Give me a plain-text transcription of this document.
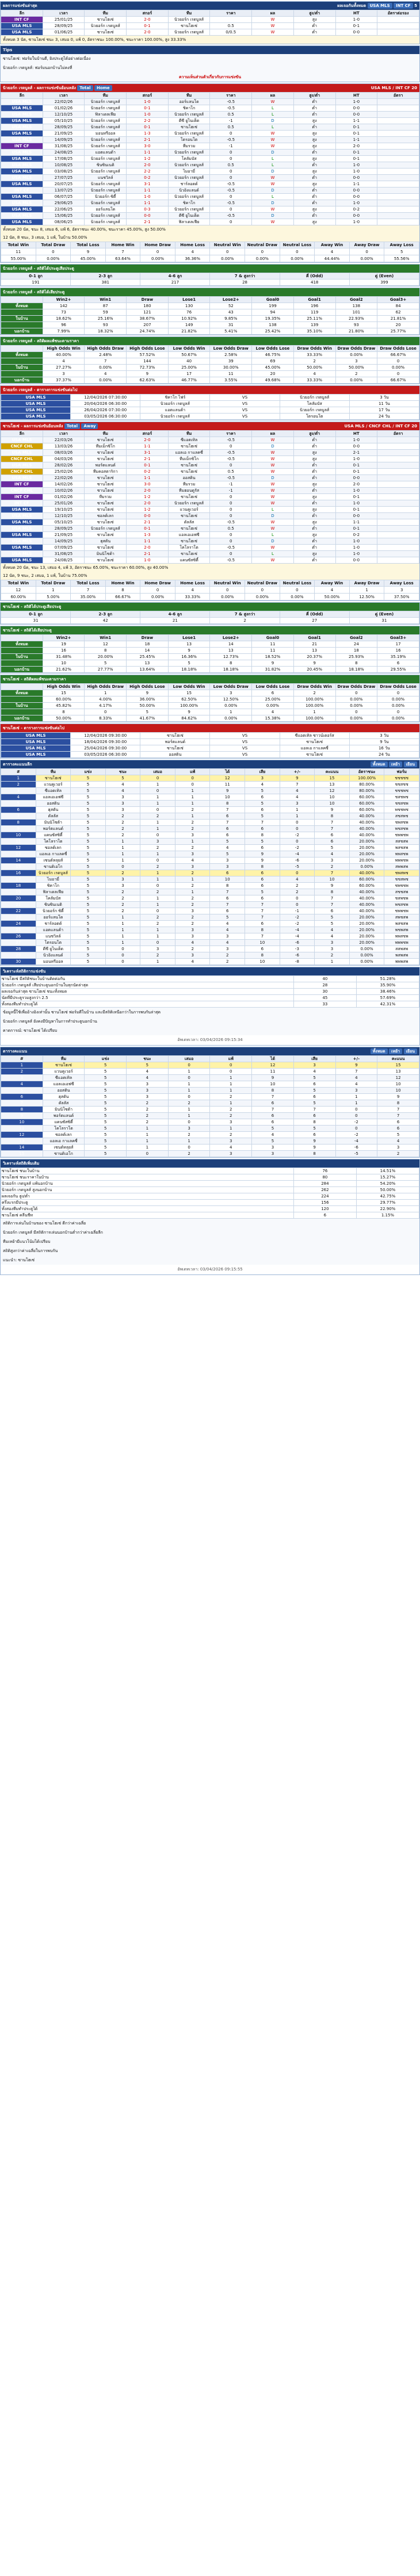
ผลการแข่งขันล่าสุด	ผลเจอกันทั้งหมด USA MLS INT CF 5
ลีก	เวลา	ทีม	สกอร์	ทีม	ราคา	ผล	สูง/ต่ำ	HT	อัตราต่อรอง
INT CF	25/01/25	ซานโฮเซ่	2-0	นิวยอร์ก เรดบูลส์		W	สูง	1-0	
USA MLS	28/09/25	นิวยอร์ก เรดบูลส์	0-1	ซานโฮเซ่	0.5	W	ต่ำ	0-1	
USA MLS	01/06/25	ซานโฮเซ่	2-0	นิวยอร์ก เรดบูลส์	0/0.5	W	ต่ำ	0-0	
ทั้งหมด 3 นัด, ซานโฮเซ่ ชนะ 3, เสมอ 0, แพ้ 0, อัตราชนะ 100.00%, ชนะราคา 100.00%, สูง 33.33%
Tips
ซานโฮเซ่: ฟอร์มในบ้านดี, ยิงประตูได้อย่างต่อเนื่อง
นิวยอร์ก เรดบูลส์: ฟอร์มนอกบ้านไม่คงที่
ความเห็นส่วนตัวเกี่ยวกับการแข่งขัน
นิวยอร์ก เรดบูลส์ - ผลการแข่งขันย้อนหลัง Total Home	USA MLS / INT CF 20
ลีก	เวลา	ทีม	สกอร์	ทีม	ราคา	ผล	สูง/ต่ำ	HT	อัตรา
USA MLS	22/02/26	นิวยอร์ก เรดบูลส์	1-0	ออร์แลนโด	-0.5	W	ต่ำ	1-0	
USA MLS	01/02/26	นิวยอร์ก เรดบูลส์	0-1	ชิคาโก	-0.5	L	ต่ำ	0-0	
USA MLS	12/10/25	ฟิลาเดลเฟีย	1-0	นิวยอร์ก เรดบูลส์	0.5	L	ต่ำ	0-0	
USA MLS	05/10/25	นิวยอร์ก เรดบูลส์	2-2	ดีซี ยูไนเต็ด	-1	D	สูง	1-1	
USA MLS	28/09/25	นิวยอร์ก เรดบูลส์	0-1	ซานโฮเซ่	0.5	L	ต่ำ	0-1	
USA MLS	21/09/25	มอนทรีออล	1-3	นิวยอร์ก เรดบูลส์	0	W	สูง	0-1	
USA MLS	14/09/25	นิวยอร์ก เรดบูลส์	2-1	โตรอนโต	-0.5	W	สูง	1-1	
INT CF	31/08/25	นิวยอร์ก เรดบูลส์	3-0	ทีมรวม	-1	W	สูง	2-0	
USA MLS	24/08/25	แอตแลนต้า	1-1	นิวยอร์ก เรดบูลส์	0	D	ต่ำ	0-1	
USA MLS	17/08/25	นิวยอร์ก เรดบูลส์	1-2	โคลัมบัส	0	L	สูง	0-1	
USA MLS	10/08/25	ซินซินเนติ	2-0	นิวยอร์ก เรดบูลส์	0.5	L	ต่ำ	1-0	
USA MLS	03/08/25	นิวยอร์ก เรดบูลส์	2-2	ไมอามี่	0	D	สูง	1-0	
USA MLS	27/07/25	แนชวิลล์	0-2	นิวยอร์ก เรดบูลส์	0	W	ต่ำ	0-0	
USA MLS	20/07/25	นิวยอร์ก เรดบูลส์	3-1	ชาร์ลอตต์	-0.5	W	สูง	1-1	
INT CF	13/07/25	นิวยอร์ก เรดบูลส์	1-1	นิวอิงแลนด์	-0.5	D	ต่ำ	0-0	
USA MLS	06/07/25	นิวยอร์ก ซิตี้	1-0	นิวยอร์ก เรดบูลส์	0	L	ต่ำ	0-0	
USA MLS	29/06/25	นิวยอร์ก เรดบูลส์	1-1	ชิคาโก	-0.5	D	ต่ำ	1-0	
USA MLS	22/06/25	ออร์แลนโด	0-3	นิวยอร์ก เรดบูลส์	0	W	สูง	0-2	
USA MLS	15/06/25	นิวยอร์ก เรดบูลส์	0-0	ดีซี ยูไนเต็ด	-0.5	D	ต่ำ	0-0	
USA MLS	08/06/25	นิวยอร์ก เรดบูลส์	2-1	ฟิลาเดลเฟีย	0	W	สูง	1-0	
ทั้งหมด 20 นัด, ชนะ 8, เสมอ 6, แพ้ 6, อัตราชนะ 40.00%, ชนะราคา 45.00%, สูง 50.00%
12 นัด, 8 ชนะ, 3 เสมอ, 1 แพ้, ในบ้าน 50.00%
Total Win	Total Draw	Total Loss	Home Win	Home Draw	Home Loss	Neutral Win	Neutral Draw	Neutral Loss	Away Win	Away Draw	Away Loss
11	0	9	7	0	4	0	0	0	4	0	5
55.00%	0.00%	45.00%	63.64%	0.00%	36.36%	0.00%	0.00%	0.00%	44.44%	0.00%	55.56%
นิวยอร์ก เรดบูลส์ - สถิติได้ประตูเสียประตู
0-1 ลูก	2-3 ลูก	4-6 ลูก	7 & สูงกว่า	คี่ (Odd)	คู่ (Even)
191	381	217	28	418	399
นิวยอร์ก เรดบูลส์ - สถิติได้เสียประตู
	Win2+	Win1	Draw	Lose1	Lose2+	Goal0	Goal1	Goal2	Goal3+
ทั้งหมด	142	87	180	130	52	199	196	138	84
	73	59	121	76	43	94	119	101	62
ในบ้าน	18.62%	25.16%	38.67%	10.92%	9.85%	19.35%	25.11%	22.93%	21.81%
	96	93	207	149	31	138	139	93	20
นอกบ้าน	7.99%	18.32%	24.74%	21.82%	5.41%	25.42%	35.10%	21.80%	25.77%
นิวยอร์ก เรดบูลส์ - สถิติผลแพ้ชนะตามราคา
	High Odds Win	High Odds Draw	High Odds Lose	Low Odds Win	Low Odds Draw	Low Odds Lose	Draw Odds Win	Draw Odds Draw	Draw Odds Lose
ทั้งหมด	40.00%	2.48%	57.52%	50.67%	2.58%	46.75%	33.33%	0.00%	66.67%
	4	7	144	40	39	69	2	3	0
ในบ้าน	27.27%	0.00%	72.73%	25.00%	30.00%	45.00%	50.00%	50.00%	0.00%
	3	4	9	17	11	20	4	2	0
นอกบ้าน	37.37%	0.00%	62.63%	46.77%	3.55%	49.68%	33.33%	0.00%	66.67%
นิวยอร์ก เรดบูลส์ - ตารางการแข่งขันต่อไป
USA MLS	12/04/2026 07:30:00	ชิคาโก ไฟร์	VS	นิวยอร์ก เรดบูลส์	3 วัน
USA MLS	20/04/2026 06:30:00	นิวยอร์ก เรดบูลส์	VS	โคลัมบัส	11 วัน
USA MLS	26/04/2026 07:30:00	แอตแลนต้า	VS	นิวยอร์ก เรดบูลส์	17 วัน
USA MLS	03/05/2026 06:30:00	นิวยอร์ก เรดบูลส์	VS	โตรอนโต	24 วัน
ซานโฮเซ่ - ผลการแข่งขันย้อนหลัง Total Away	USA MLS / CNCF CHL / INT CF 20
ลีก	เวลา	ทีม	สกอร์	ทีม	ราคา	ผล	สูง/ต่ำ	HT	อัตรา
USA MLS	22/03/26	ซานโฮเซ่	2-0	ซีแอตเทิล	-0.5	W	ต่ำ	1-0	
CNCF CHL	13/03/26	ทีมเม็กซิโก	1-1	ซานโฮเซ่	0	D	ต่ำ	0-0	
USA MLS	08/03/26	ซานโฮเซ่	3-1	แอลเอ กาแลคซี่	-0.5	W	สูง	2-1	
CNCF CHL	04/03/26	ซานโฮเซ่	2-1	ทีมเม็กซิโก	-0.5	W	สูง	1-0	
USA MLS	28/02/26	พอร์ตแลนด์	0-1	ซานโฮเซ่	0	W	ต่ำ	0-1	
CNCF CHL	25/02/26	ทีมคอสตาริกา	0-2	ซานโฮเซ่	0.5	W	ต่ำ	0-1	
USA MLS	22/02/26	ซานโฮเซ่	1-1	ออสติน	-0.5	D	ต่ำ	0-0	
INT CF	14/02/26	ซานโฮเซ่	3-0	ทีมรวม	-1	W	สูง	2-0	
CNCF CHL	10/02/26	ซานโฮเซ่	2-0	ทีมฮอนดูรัส	-1	W	ต่ำ	1-0	
INT CF	01/02/26	ทีมรวม	1-2	ซานโฮเซ่	0	W	สูง	0-1	
INT CF	25/01/26	ซานโฮเซ่	2-0	นิวยอร์ก เรดบูลส์	0	W	ต่ำ	1-0	
USA MLS	19/10/25	ซานโฮเซ่	1-2	แวนคูเวอร์	0	L	สูง	0-1	
USA MLS	12/10/25	ซอลต์เลก	0-0	ซานโฮเซ่	0	D	ต่ำ	0-0	
USA MLS	05/10/25	ซานโฮเซ่	2-1	ดัลลัส	-0.5	W	สูง	1-1	
USA MLS	28/09/25	นิวยอร์ก เรดบูลส์	0-1	ซานโฮเซ่	0.5	W	ต่ำ	0-1	
USA MLS	21/09/25	ซานโฮเซ่	1-3	แอลเอเอฟซี	0	L	สูง	0-2	
USA MLS	14/09/25	ฮุสตัน	1-1	ซานโฮเซ่	0	D	ต่ำ	1-0	
USA MLS	07/09/25	ซานโฮเซ่	2-0	โคโลราโด	-0.5	W	ต่ำ	1-0	
USA MLS	31/08/25	มินนิโซต้า	2-1	ซานโฮเซ่	0	L	สูง	1-0	
USA MLS	24/08/25	ซานโฮเซ่	1-0	แคนซัสซิตี้	-0.5	W	ต่ำ	0-0	
ทั้งหมด 20 นัด, ชนะ 13, เสมอ 4, แพ้ 3, อัตราชนะ 65.00%, ชนะราคา 60.00%, สูง 40.00%
12 นัด, 9 ชนะ, 2 เสมอ, 1 แพ้, ในบ้าน 75.00%
Total Win	Total Draw	Total Loss	Home Win	Home Draw	Home Loss	Neutral Win	Neutral Draw	Neutral Loss	Away Win	Away Draw	Away Loss
12	1	7	8	0	4	0	0	0	4	1	3
60.00%	5.00%	35.00%	66.67%	0.00%	33.33%	0.00%	0.00%	0.00%	50.00%	12.50%	37.50%
ซานโฮเซ่ - สถิติได้ประตูเสียประตู
0-1 ลูก	2-3 ลูก	4-6 ลูก	7 & สูงกว่า	คี่ (Odd)	คู่ (Even)
31	42	21	2	27	31
ซานโฮเซ่ - สถิติได้เสียประตู
	Win2+	Win1	Draw	Lose1	Lose2+	Goal0	Goal1	Goal2	Goal3+
ทั้งหมด	19	12	18	13	14	11	21	24	17
	16	8	14	9	13	11	13	18	16
ในบ้าน	31.48%	20.00%	25.45%	16.36%	12.73%	18.52%	20.37%	25.93%	35.19%
	10	5	13	5	8	9	9	8	6
นอกบ้าน	21.62%	27.77%	13.64%	18.18%	18.18%	31.82%	20.45%	18.18%	29.55%
ซานโฮเซ่ - สถิติผลแพ้ชนะตามราคา
	High Odds Win	High Odds Draw	High Odds Lose	Low Odds Win	Low Odds Draw	Low Odds Lose	Draw Odds Win	Draw Odds Draw	Draw Odds Lose
ทั้งหมด	15	1	9	15	3	6	2	0	0
	60.00%	4.00%	36.00%	62.50%	12.50%	25.00%	100.00%	0.00%	0.00%
ในบ้าน	45.82%	4.17%	50.00%	100.00%	0.00%	0.00%	100.00%	0.00%	0.00%
	8	0	5	9	1	4	1	0	0
นอกบ้าน	50.00%	8.33%	41.67%	84.62%	0.00%	15.38%	100.00%	0.00%	0.00%
ซานโฮเซ่ - ตารางการแข่งขันต่อไป
USA MLS	12/04/2026 09:30:00	ซานโฮเซ่	VS	ซีแอตเทิล ซาวน์เดอร์ส	3 วัน
USA MLS	18/04/2026 09:30:00	พอร์ตแลนด์	VS	ซานโฮเซ่	9 วัน
USA MLS	25/04/2026 09:30:00	ซานโฮเซ่	VS	แอลเอ กาแลคซี่	16 วัน
USA MLS	03/05/2026 06:30:00	ออสติน	VS	ซานโฮเซ่	24 วัน
ตารางคะแนนลีก	ทั้งหมด เหย้า เยือน
#	ทีม	แข่ง	ชนะ	เสมอ	แพ้	ได้	เสีย	+/-	คะแนน	อัตราชนะ	ฟอร์ม
1	ซานโฮเซ่	5	5	0	0	12	3	9	15	100.00%	ชชชชช
2	แวนคูเวอร์	5	4	1	0	11	4	7	13	80.00%	ชชสชช
3	ซีแอตเทิล	5	4	0	1	9	5	4	12	80.00%	ชชชพช
4	แอลเอเอฟซี	5	3	1	1	10	6	4	10	60.00%	ชสชพช
5	ออสติน	5	3	1	1	8	5	3	10	60.00%	ชชสชพ
6	ฮุสตัน	5	3	0	2	7	6	1	9	60.00%	พชชพช
7	ดัลลัส	5	2	2	1	6	5	1	8	40.00%	สชสพช
8	มินนิโซต้า	5	2	1	2	7	7	0	7	40.00%	ชพสชพ
9	พอร์ตแลนด์	5	2	1	2	6	6	0	7	40.00%	พชสชพ
10	แคนซัสซิตี้	5	2	0	3	6	8	-2	6	40.00%	ชพพชพ
11	โคโลราโด	5	1	3	1	5	5	0	6	20.00%	สสชสพ
12	ซอลต์เลก	5	1	2	2	4	6	-2	5	20.00%	พสชสพ
13	แอลเอ กาแลคซี่	5	1	1	3	5	9	-4	4	20.00%	พพสชพ
14	เซนต์หลุยส์	5	1	0	4	3	9	-6	3	20.00%	พพพชพ
15	ซานดิเอโก	5	0	2	3	3	8	-5	2	0.00%	สพพสพ
16	นิวยอร์ก เรดบูลส์	5	2	1	2	6	6	0	7	40.00%	ชพสพช
17	ไมอามี่	5	3	1	1	10	6	4	10	60.00%	ชชสพช
18	ชิคาโก	5	3	0	2	8	6	2	9	60.00%	ชพชชพ
19	ฟิลาเดลเฟีย	5	2	2	1	7	5	2	8	40.00%	สชชสพ
20	โคลัมบัส	5	2	1	2	6	6	0	7	40.00%	ชสพชพ
21	ซินซินเนติ	5	2	1	2	7	7	0	7	40.00%	พชสชพ
22	นิวยอร์ก ซิตี้	5	2	0	3	6	7	-1	6	40.00%	ชพพชพ
23	ออร์แลนโด	5	1	2	2	5	7	-2	5	20.00%	สพชสพ
24	ชาร์ลอตต์	5	1	2	2	4	6	-2	5	20.00%	พสชสพ
25	แอตแลนต้า	5	1	1	3	4	8	-4	4	20.00%	พชพสพ
26	แนชวิลล์	5	1	1	3	3	7	-4	4	20.00%	พพสชพ
27	โตรอนโต	5	1	0	4	4	10	-6	3	20.00%	พพพชพ
28	ดีซี ยูไนเต็ด	5	0	3	2	3	6	-3	3	0.00%	สสพสพ
29	นิวอิงแลนด์	5	0	2	3	2	8	-6	2	0.00%	พสพสพ
30	มอนทรีออล	5	0	1	4	2	10	-8	1	0.00%	พพพสพ
วิเคราะห์สถิติการแข่งขัน
ซานโฮเซ่ มีสถิติชนะในบ้านติดต่อกัน	40	51.28%
นิวยอร์ก เรดบูลส์ เสียประตูนอกบ้านในทุกนัดล่าสุด	28	35.90%
ผลเจอกันล่าสุด ซานโฮเซ่ ชนะทั้งหมด	30	38.46%
นัดที่มีประตูรวมสูงกว่า 2.5	45	57.69%
ทั้งสองทีมทำประตูได้	33	42.31%
ข้อมูลนี้ใช้เพื่ออ้างอิงเท่านั้น ซานโฮเซ่ ฟอร์มดีในบ้าน และมีสถิติเหนือกว่าในการพบกันล่าสุด
นิวยอร์ก เรดบูลส์ ยังคงมีปัญหาในการทำประตูนอกบ้าน
คาดการณ์: ซานโฮเซ่ ได้เปรียบ
อัพเดทเวลา: 03/04/2026 09:15:34
ตารางคะแนน	ทั้งหมด เหย้า เยือน
#	ทีม	แข่ง	ชนะ	เสมอ	แพ้	ได้	เสีย	+/-	คะแนน
1	ซานโฮเซ่	5	5	0	0	12	3	9	15
2	แวนคูเวอร์	5	4	1	0	11	4	7	13
3	ซีแอตเทิล	5	4	0	1	9	5	4	12
4	แอลเอเอฟซี	5	3	1	1	10	6	4	10
5	ออสติน	5	3	1	1	8	5	3	10
6	ฮุสตัน	5	3	0	2	7	6	1	9
7	ดัลลัส	5	2	2	1	6	5	1	8
8	มินนิโซต้า	5	2	1	2	7	7	0	7
9	พอร์ตแลนด์	5	2	1	2	6	6	0	7
10	แคนซัสซิตี้	5	2	0	3	6	8	-2	6
11	โคโลราโด	5	1	3	1	5	5	0	6
12	ซอลต์เลก	5	1	2	2	4	6	-2	5
13	แอลเอ กาแลคซี่	5	1	1	3	5	9	-4	4
14	เซนต์หลุยส์	5	1	0	4	3	9	-6	3
15	ซานดิเอโก	5	0	2	3	3	8	-5	2
วิเคราะห์สถิติเพิ่มเติม
ซานโฮเซ่ ชนะในบ้าน	76	14.51%
ซานโฮเซ่ ชนะราคาในบ้าน	80	15.27%
นิวยอร์ก เรดบูลส์ แพ้นอกบ้าน	284	54.20%
นิวยอร์ก เรดบูลส์ สูงนอกบ้าน	262	50.00%
ผลเจอกัน สูง/ต่ำ	224	42.75%
ครึ่งแรกมีประตู	156	29.77%
ทั้งสองทีมทำประตูได้	120	22.90%
ซานโฮเซ่ คลีนชีท	6	1.15%
สถิติการเล่นในบ้านของ ซานโฮเซ่ ดีกว่าค่าเฉลี่ย
นิวยอร์ก เรดบูลส์ มีสถิติการเล่นนอกบ้านต่ำกว่าค่าเฉลี่ยลีก
ทีมเหย้ามีแนวโน้มได้เปรียบ
สถิติสูงกว่าค่าเฉลี่ยในการพบกัน
แนะนำ: ซานโฮเซ่
อัพเดทเวลา: 03/04/2026 09:15:55
